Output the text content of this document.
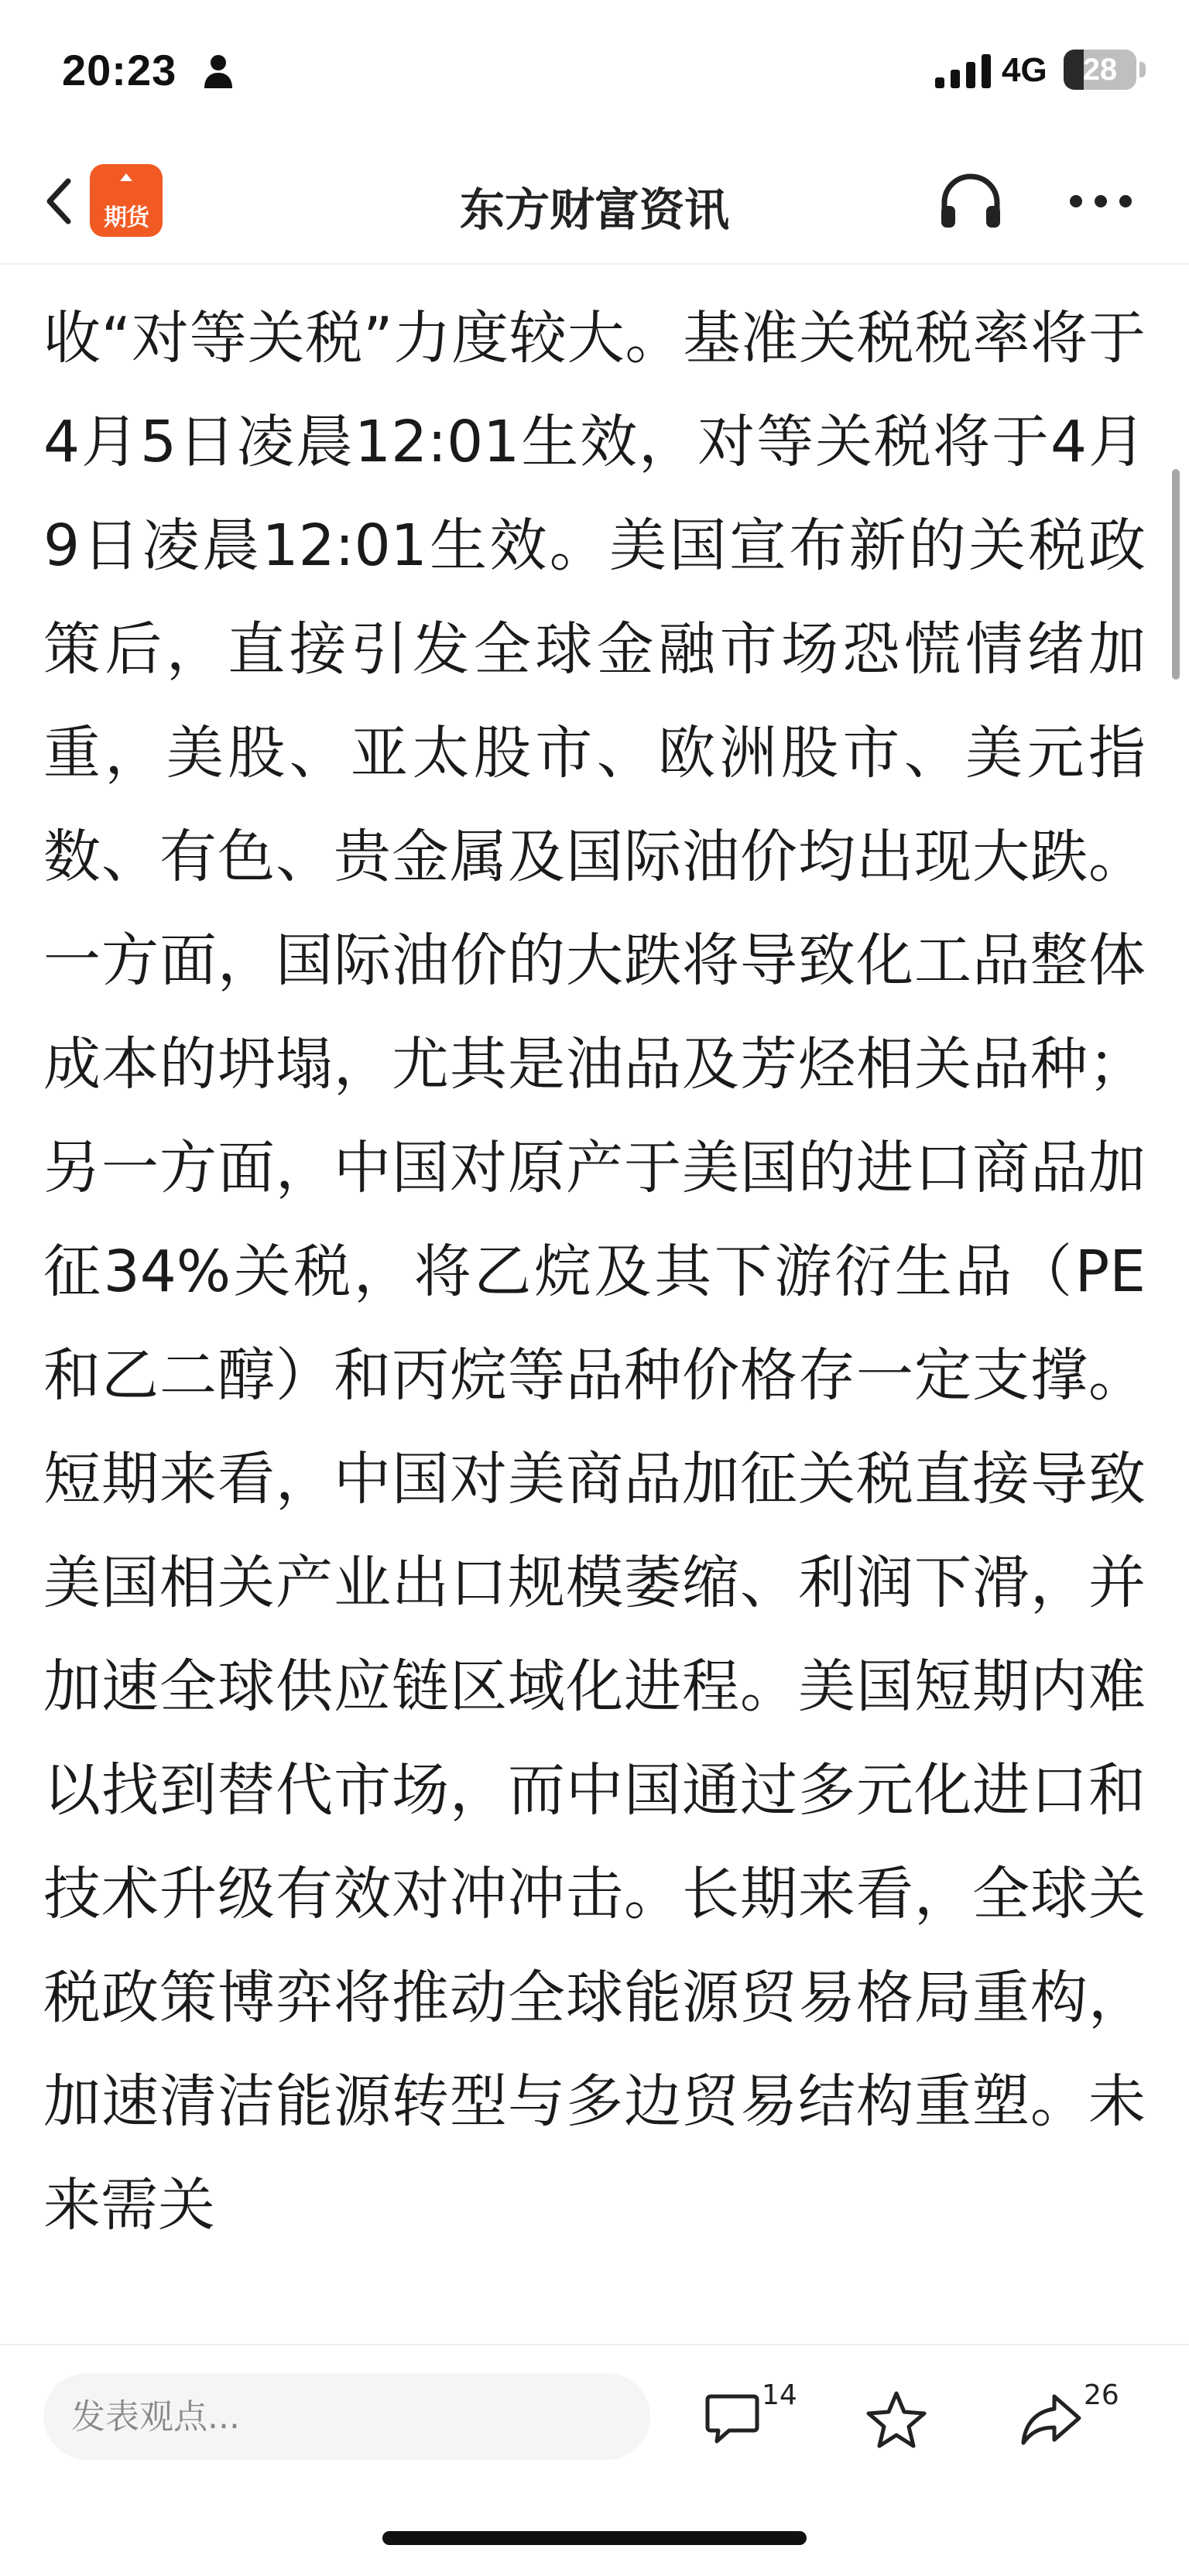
20:23	4G	28
期货	东方财富资讯

收“对等关税”力度较大。基准关税税率将于4月5日凌晨12:01生效，对等关税将于4月9日凌晨12:01生效。美国宣布新的关税政策后，直接引发全球金融市场恐慌情绪加重，美股、亚太股市、欧洲股市、美元指数、有色、贵金属及国际油价均出现大跌。一方面，国际油价的大跌将导致化工品整体成本的坍塌，尤其是油品及芳烃相关品种；另一方面，中国对原产于美国的进口商品加征34%关税，将乙烷及其下游衍生品（PE和乙二醇）和丙烷等品种价格存一定支撑。短期来看，中国对美商品加征关税直接导致美国相关产业出口规模萎缩、利润下滑，并加速全球供应链区域化进程。美国短期内难以找到替代市场，而中国通过多元化进口和技术升级有效对冲冲击。长期来看，全球关税政策博弈将推动全球能源贸易格局重构，加速清洁能源转型与多边贸易结构重塑。未来需关

发表观点...
14	26
